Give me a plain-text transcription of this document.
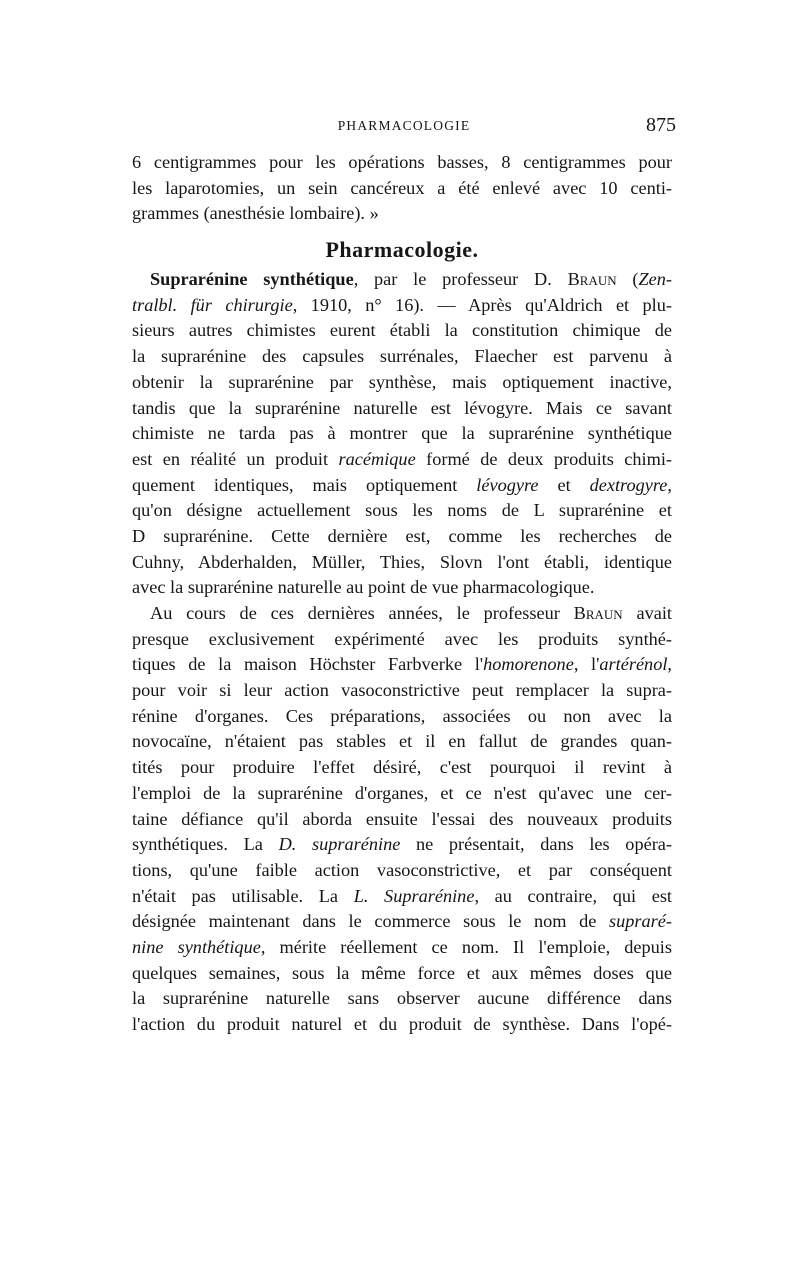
PHARMACOLOGIE	875
6 centigrammes pour les opérations basses, 8 centigrammes pour
les laparotomies, un sein cancéreux a été enlevé avec 10 centi-
grammes (anesthésie lombaire). »
Pharmacologie.
Suprarénine synthétique, par le professeur D. Braun (Zen-
tralbl. für chirurgie, 1910, n° 16). — Après qu'Aldrich et plu-
sieurs autres chimistes eurent établi la constitution chimique de
la suprarénine des capsules surrénales, Flaecher est parvenu à
obtenir la suprarénine par synthèse, mais optiquement inactive,
tandis que la suprarénine naturelle est lévogyre. Mais ce savant
chimiste ne tarda pas à montrer que la suprarénine synthétique
est en réalité un produit racémique formé de deux produits chimi-
quement identiques, mais optiquement lévogyre et dextrogyre,
qu'on désigne actuellement sous les noms de L suprarénine et
D suprarénine. Cette dernière est, comme les recherches de
Cuhny, Abderhalden, Müller, Thies, Slovn l'ont établi, identique
avec la suprarénine naturelle au point de vue pharmacologique.
Au cours de ces dernières années, le professeur Braun avait
presque exclusivement expérimenté avec les produits synthé-
tiques de la maison Höchster Farbverke l'homorenone, l'artérénol,
pour voir si leur action vasoconstrictive peut remplacer la supra-
rénine d'organes. Ces préparations, associées ou non avec la
novocaïne, n'étaient pas stables et il en fallut de grandes quan-
tités pour produire l'effet désiré, c'est pourquoi il revint à
l'emploi de la suprarénine d'organes, et ce n'est qu'avec une cer-
taine défiance qu'il aborda ensuite l'essai des nouveaux produits
synthétiques. La D. suprarénine ne présentait, dans les opéra-
tions, qu'une faible action vasoconstrictive, et par conséquent
n'était pas utilisable. La L. Suprarénine, au contraire, qui est
désignée maintenant dans le commerce sous le nom de supraré-
nine synthétique, mérite réellement ce nom. Il l'emploie, depuis
quelques semaines, sous la même force et aux mêmes doses que
la suprarénine naturelle sans observer aucune différence dans
l'action du produit naturel et du produit de synthèse. Dans l'opé-
